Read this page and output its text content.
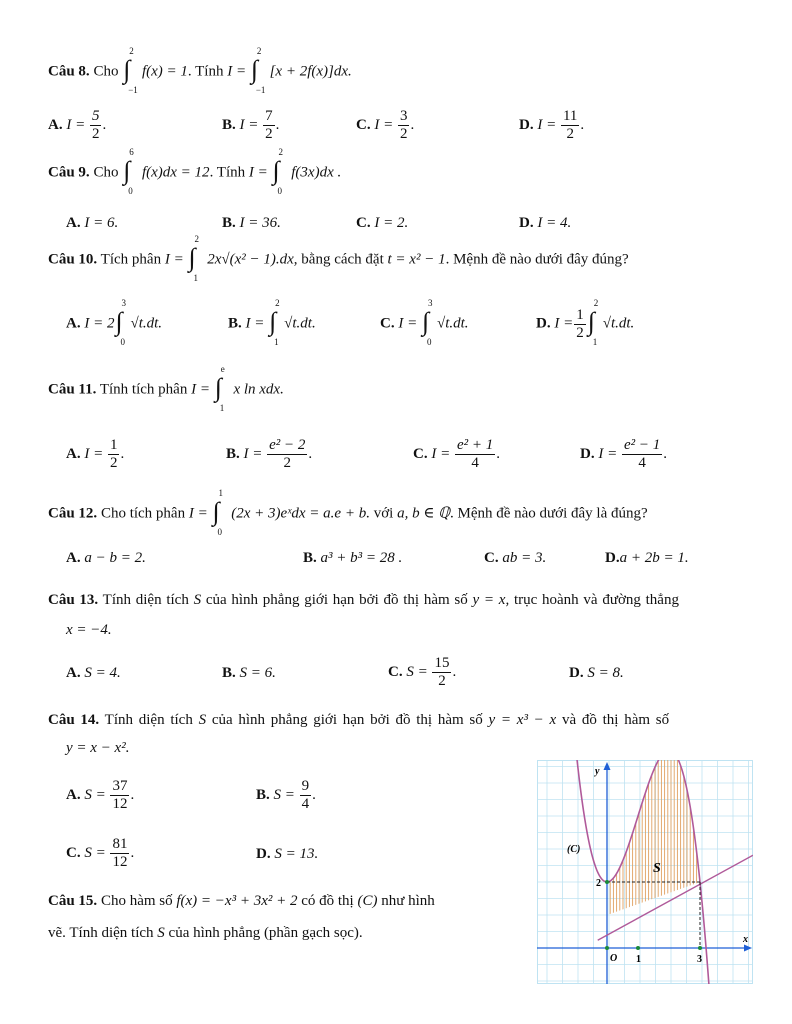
Câu 8. Cho ∫
2
−1
f(x) = 1. Tính I = ∫
2
−1
[x + 2f(x)]dx.
A. $I = \frac{5}{2}$ .	B. $I = \frac{7}{2}$ .	C. $I = \frac{3}{2}$ .	D. $I = \frac{11}{2}$ .
Câu 9. Cho ∫
6
0
f(x)dx = 12. Tính I = ∫
2
0
f(3x)dx .
A. I = 6.	B. I = 36.	C. I = 2.	D. I = 4.
Câu 10. Tích phân I = ∫
2
1
2x√(x² − 1).dx, bằng cách đặt t = x² − 1. Mệnh đề nào dưới đây đúng?
A. I = 2 ∫
3
0
√t.dt.	B. I = ∫
2
1
√t.dt.	C. I = ∫
3
0
√t.dt.	D. $I = \frac{1}{2}$ ∫
2
1
√t.dt.
Câu 11. Tính tích phân I = ∫
e
1
x ln xdx.
A. $I = \frac{1}{2}$ .	B. $I = \frac{\text{e² − 2}}{2}$ .	C. $I = \frac{\text{e² + 1}}{4}$ .	D. $I = \frac{\text{e² − 1}}{4}$ .
Câu 12. Cho tích phân I = ∫
1
0
(2x + 3)eˣdx = a.e + b. với a, b ∈ ℚ. Mệnh đề nào dưới đây là đúng?
A. a − b = 2.	B. a³ + b³ = 28 .	C. ab = 3.	D.a + 2b = 1.
Câu 13. Tính diện tích S của hình phẳng giới hạn bởi đồ thị hàm số y = x, trục hoành và đường thẳng
x = −4.
A. S = 4.	B. S = 6.	C. $S = \frac{15}{2}$ .	D. S = 8.
Câu 14. Tính diện tích S của hình phẳng giới hạn bởi đồ thị hàm số y = x³ − x và đồ thị hàm số
y = x − x².
A. $S = \frac{37}{12}$ .	B. $S = \frac{9}{4}$ .
C. $S = \frac{81}{12}$ .	D. S = 13.
Câu 15. Cho hàm số f(x) = −x³ + 3x² + 2 có đồ thị (C) như hình
vẽ. Tính diện tích S của hình phẳng (phần gạch sọc).
y
x
(C)
S
O 1	3
2
